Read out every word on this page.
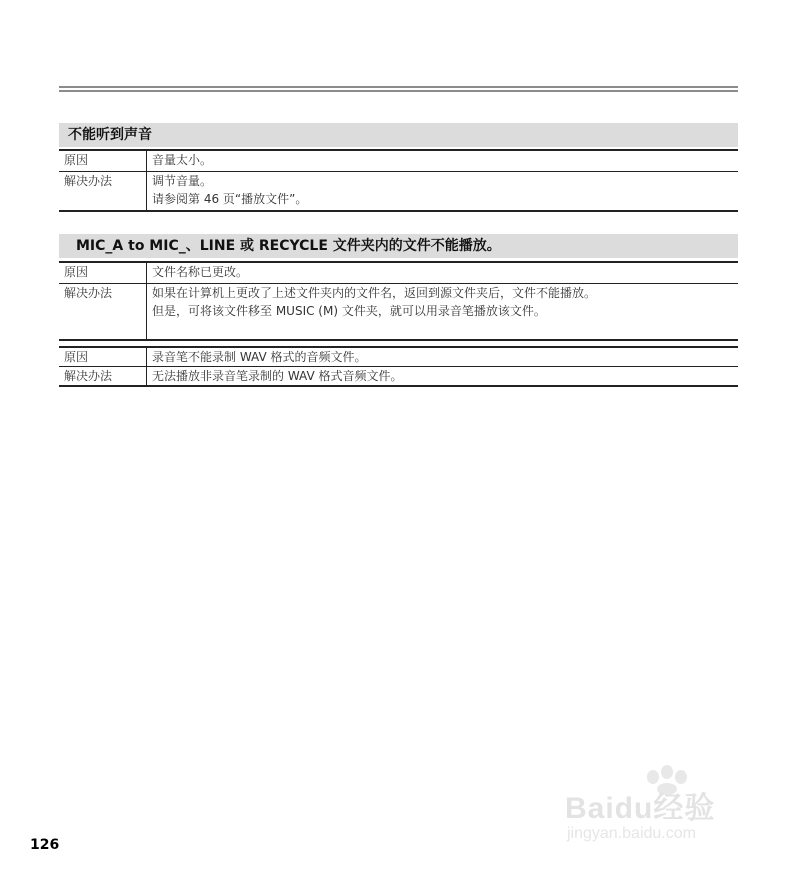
不能听到声音
原因	音量太小。
解决办法	调节音量。
请参阅第 46 页“播放文件”。
MIC_A to MIC_、LINE 或 RECYCLE 文件夹内的文件不能播放。
原因	文件名称已更改。
解决办法	如果在计算机上更改了上述文件夹内的文件名，返回到源文件夹后，文件不能播放。
但是，可将该文件移至 MUSIC (M) 文件夹，就可以用录音笔播放该文件。
原因	录音笔不能录制 WAV 格式的音频文件。
解决办法	无法播放非录音笔录制的 WAV 格式音频文件。
126
Baidu经验
jingyan.baidu.com
